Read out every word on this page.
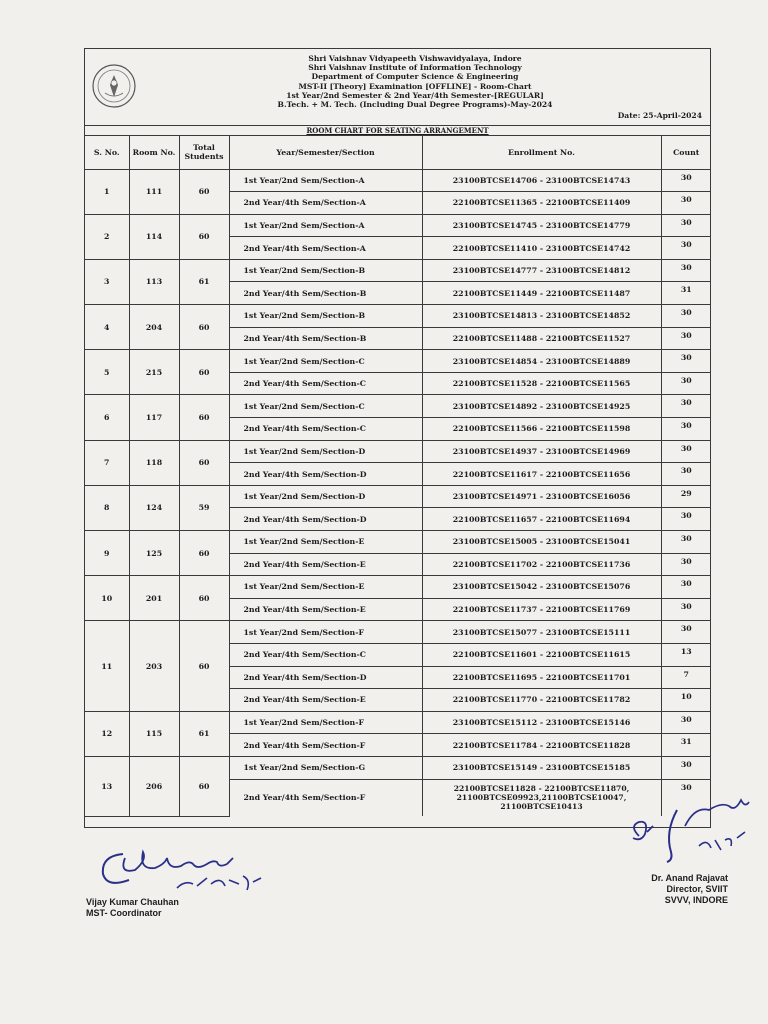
Shri Vaishnav Vidyapeeth Vishwavidyalaya, Indore
Shri Vaishnav Institute of Information Technology
Department of Computer Science & Engineering
MST-II [Theory] Examination [OFFLINE] - Room-Chart
1st Year/2nd Semester & 2nd Year/4th Semester-[REGULAR]
B.Tech. + M. Tech. (Including Dual Degree Programs)-May-2024
Date: 25-April-2024
ROOM CHART FOR SEATING ARRANGEMENT
S. No.	Room No.	Total Students	Year/Semester/Section	Enrollment No.	Count
1	111	60	1st Year/2nd Sem/Section-A	23100BTCSE14706 - 23100BTCSE14743	30
			2nd Year/4th Sem/Section-A	22100BTCSE11365 - 22100BTCSE11409	30
2	114	60	1st Year/2nd Sem/Section-A	23100BTCSE14745 - 23100BTCSE14779	30
			2nd Year/4th Sem/Section-A	22100BTCSE11410 - 23100BTCSE14742	30
3	113	61	1st Year/2nd Sem/Section-B	23100BTCSE14777 - 23100BTCSE14812	30
			2nd Year/4th Sem/Section-B	22100BTCSE11449 - 22100BTCSE11487	31
4	204	60	1st Year/2nd Sem/Section-B	23100BTCSE14813 - 23100BTCSE14852	30
			2nd Year/4th Sem/Section-B	22100BTCSE11488 - 22100BTCSE11527	30
5	215	60	1st Year/2nd Sem/Section-C	23100BTCSE14854 - 23100BTCSE14889	30
			2nd Year/4th Sem/Section-C	22100BTCSE11528 - 22100BTCSE11565	30
6	117	60	1st Year/2nd Sem/Section-C	23100BTCSE14892 - 23100BTCSE14925	30
			2nd Year/4th Sem/Section-C	22100BTCSE11566 - 22100BTCSE11598	30
7	118	60	1st Year/2nd Sem/Section-D	23100BTCSE14937 - 23100BTCSE14969	30
			2nd Year/4th Sem/Section-D	22100BTCSE11617 - 22100BTCSE11656	30
8	124	59	1st Year/2nd Sem/Section-D	23100BTCSE14971 - 23100BTCSE16056	29
			2nd Year/4th Sem/Section-D	22100BTCSE11657 - 22100BTCSE11694	30
9	125	60	1st Year/2nd Sem/Section-E	23100BTCSE15005 - 23100BTCSE15041	30
			2nd Year/4th Sem/Section-E	22100BTCSE11702 - 22100BTCSE11736	30
10	201	60	1st Year/2nd Sem/Section-E	23100BTCSE15042 - 23100BTCSE15076	30
			2nd Year/4th Sem/Section-E	22100BTCSE11737 - 22100BTCSE11769	30
11	203	60	1st Year/2nd Sem/Section-F	23100BTCSE15077 - 23100BTCSE15111	30
			2nd Year/4th Sem/Section-C	22100BTCSE11601 - 22100BTCSE11615	13
			2nd Year/4th Sem/Section-D	22100BTCSE11695 - 22100BTCSE11701	7
			2nd Year/4th Sem/Section-E	22100BTCSE11770 - 22100BTCSE11782	10
12	115	61	1st Year/2nd Sem/Section-F	23100BTCSE15112 - 23100BTCSE15146	30
			2nd Year/4th Sem/Section-F	22100BTCSE11784 - 22100BTCSE11828	31
13	206	60	1st Year/2nd Sem/Section-G	23100BTCSE15149 - 23100BTCSE15185	30
			2nd Year/4th Sem/Section-F	22100BTCSE11828 - 22100BTCSE11870,
21100BTCSE09923,21100BTCSE10047,
21100BTCSE10413	30
Vijay Kumar Chauhan
MST- Coordinator
Dr. Anand Rajavat
Director, SVIIT
SVVV, INDORE
